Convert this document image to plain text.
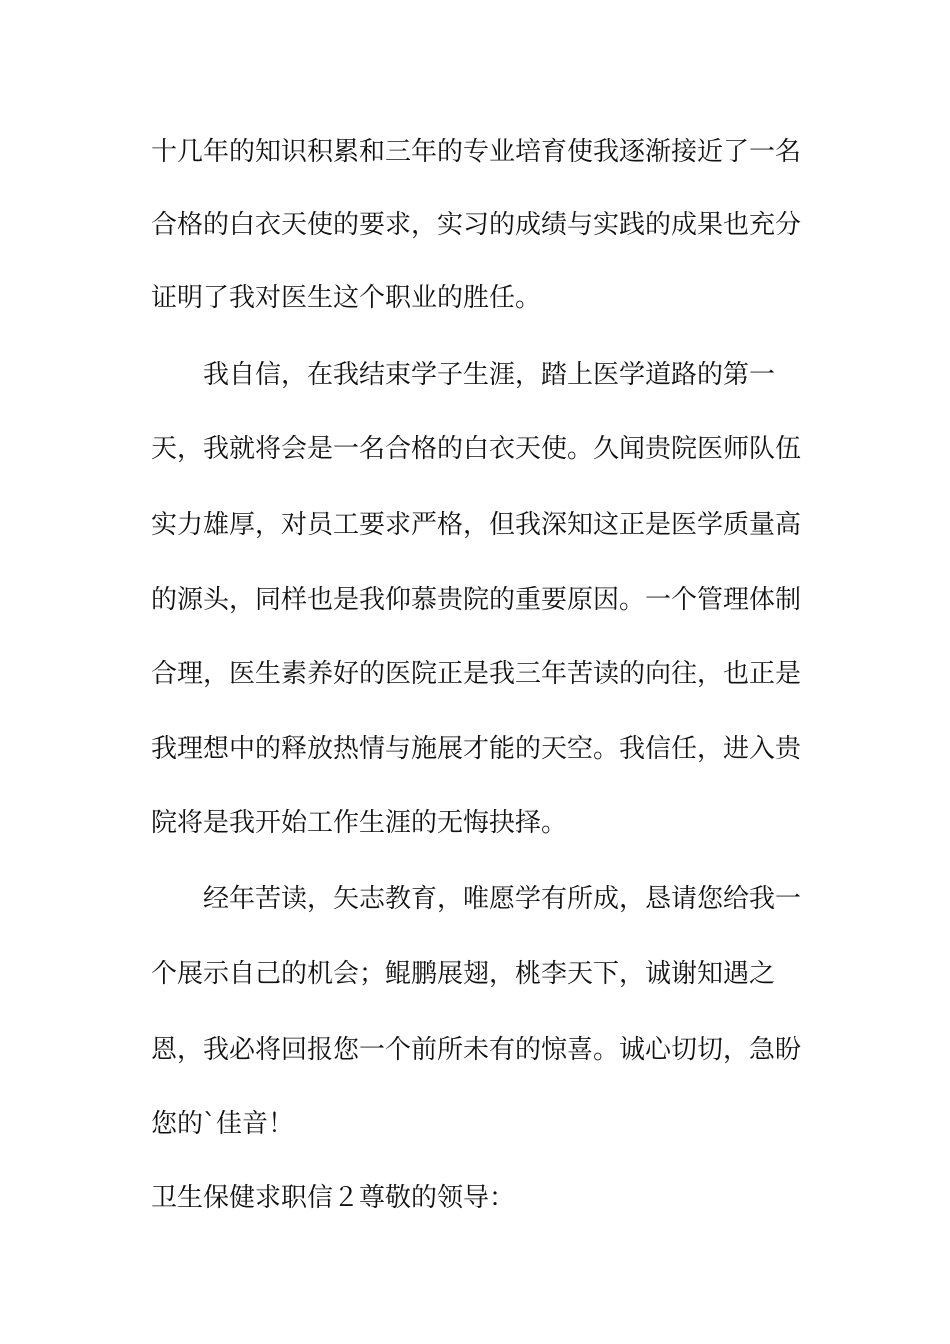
十几年的知识积累和三年的专业培育使我逐渐接近了一名
合格的白衣天使的要求，实习的成绩与实践的成果也充分
证明了我对医生这个职业的胜任。
我自信，在我结束学子生涯，踏上医学道路的第一
天，我就将会是一名合格的白衣天使。久闻贵院医师队伍
实力雄厚，对员工要求严格，但我深知这正是医学质量高
的源头，同样也是我仰慕贵院的重要原因。一个管理体制
合理，医生素养好的医院正是我三年苦读的向往，也正是
我理想中的释放热情与施展才能的天空。我信任，进入贵
院将是我开始工作生涯的无悔抉择。
经年苦读，矢志教育，唯愿学有所成，恳请您给我一
个展示自己的机会；鲲鹏展翅，桃李天下，诚谢知遇之
恩，我必将回报您一个前所未有的惊喜。诚心切切，急盼
您的`佳音！
卫生保健求职信２尊敬的领导：
